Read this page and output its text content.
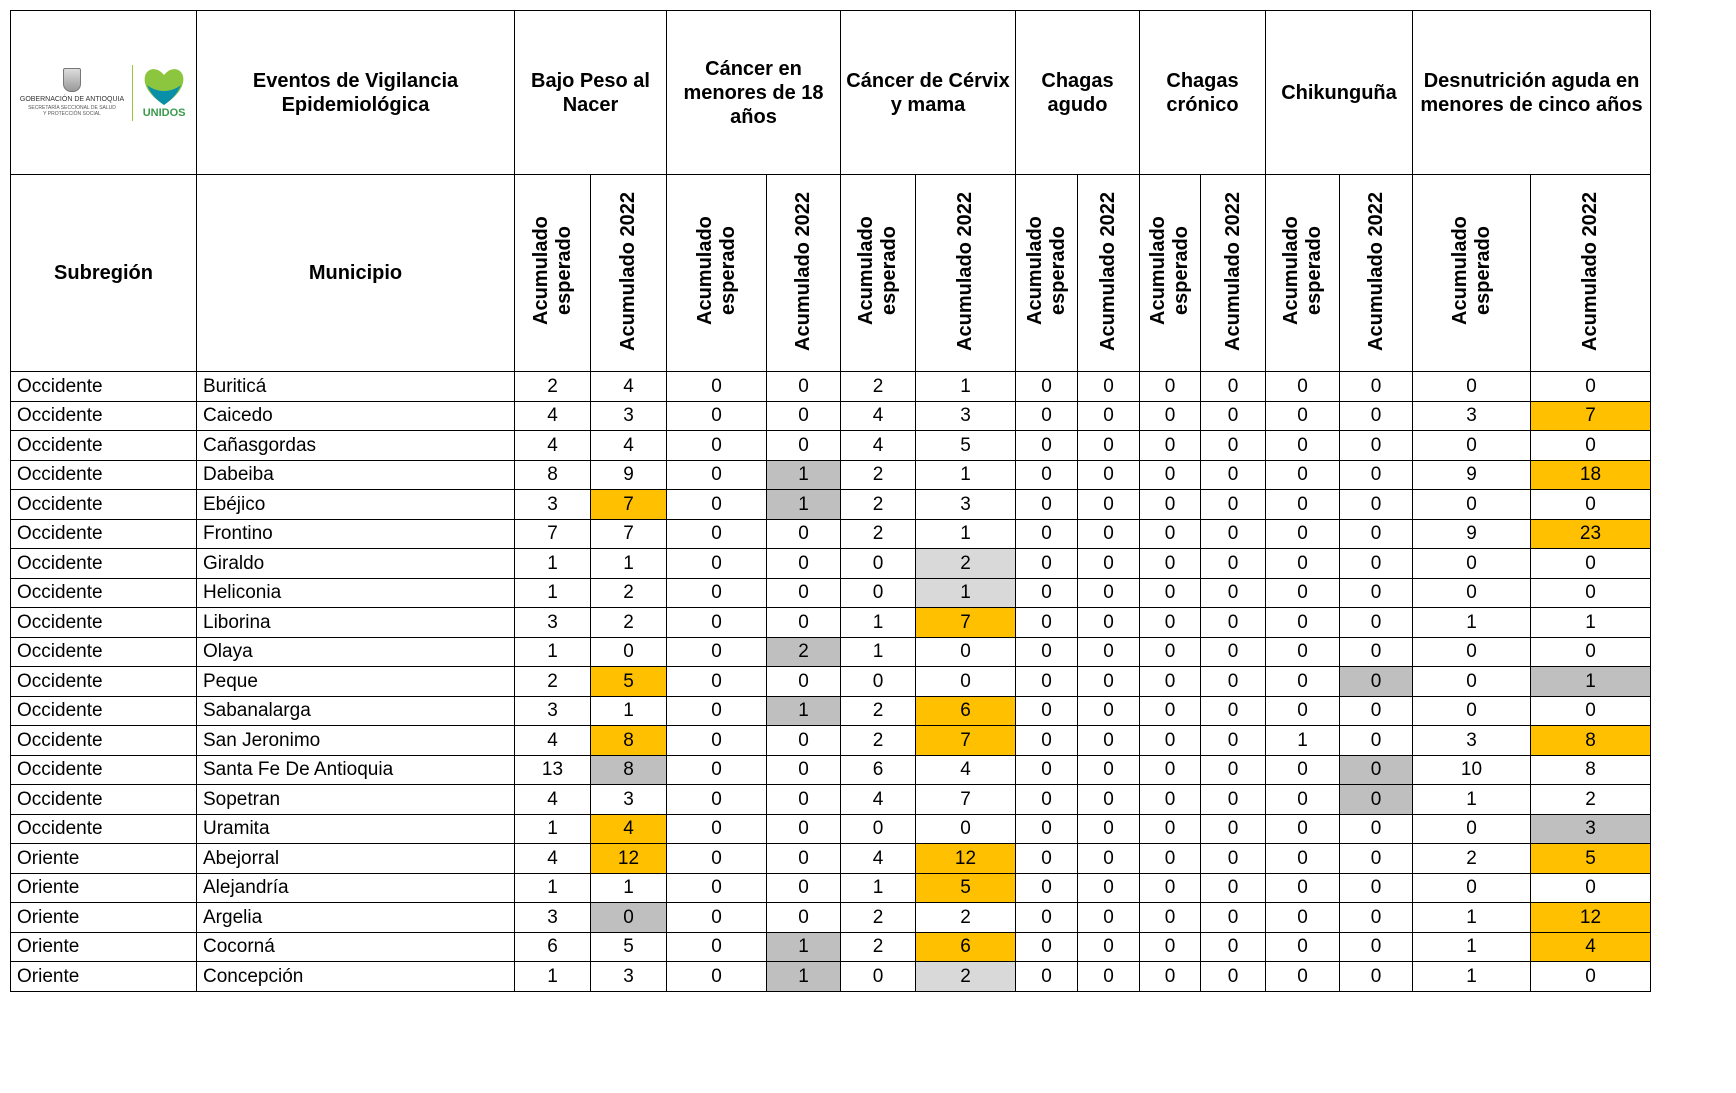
GOBERNACIÓN DE ANTIOQUIA
SECRETARÍA SECCIONAL DE SALUD
Y PROTECCIÓN SOCIAL UNIDOS	Eventos de Vigilancia Epidemiológica	Bajo Peso al Nacer		Cáncer en menores de 18 años		Cáncer de Cérvix y mama		Chagas agudo		Chagas crónico		Chikunguña		Desnutrición aguda en menores de cinco años	
Subregión	Municipio	Acumulado esperado	Acumulado 2022	Acumulado esperado	Acumulado 2022	Acumulado esperado	Acumulado 2022	Acumulado esperado	Acumulado 2022	Acumulado esperado	Acumulado 2022	Acumulado esperado	Acumulado 2022	Acumulado esperado	Acumulado 2022
Occidente	Buriticá	2	4	0	0	2	1	0	0	0	0	0	0	0	0
Occidente	Caicedo	4	3	0	0	4	3	0	0	0	0	0	0	3	7
Occidente	Cañasgordas	4	4	0	0	4	5	0	0	0	0	0	0	0	0
Occidente	Dabeiba	8	9	0	1	2	1	0	0	0	0	0	0	9	18
Occidente	Ebéjico	3	7	0	1	2	3	0	0	0	0	0	0	0	0
Occidente	Frontino	7	7	0	0	2	1	0	0	0	0	0	0	9	23
Occidente	Giraldo	1	1	0	0	0	2	0	0	0	0	0	0	0	0
Occidente	Heliconia	1	2	0	0	0	1	0	0	0	0	0	0	0	0
Occidente	Liborina	3	2	0	0	1	7	0	0	0	0	0	0	1	1
Occidente	Olaya	1	0	0	2	1	0	0	0	0	0	0	0	0	0
Occidente	Peque	2	5	0	0	0	0	0	0	0	0	0	0	0	1
Occidente	Sabanalarga	3	1	0	1	2	6	0	0	0	0	0	0	0	0
Occidente	San Jeronimo	4	8	0	0	2	7	0	0	0	0	1	0	3	8
Occidente	Santa Fe De Antioquia	13	8	0	0	6	4	0	0	0	0	0	0	10	8
Occidente	Sopetran	4	3	0	0	4	7	0	0	0	0	0	0	1	2
Occidente	Uramita	1	4	0	0	0	0	0	0	0	0	0	0	0	3
Oriente	Abejorral	4	12	0	0	4	12	0	0	0	0	0	0	2	5
Oriente	Alejandría	1	1	0	0	1	5	0	0	0	0	0	0	0	0
Oriente	Argelia	3	0	0	0	2	2	0	0	0	0	0	0	1	12
Oriente	Cocorná	6	5	0	1	2	6	0	0	0	0	0	0	1	4
Oriente	Concepción	1	3	0	1	0	2	0	0	0	0	0	0	1	0
